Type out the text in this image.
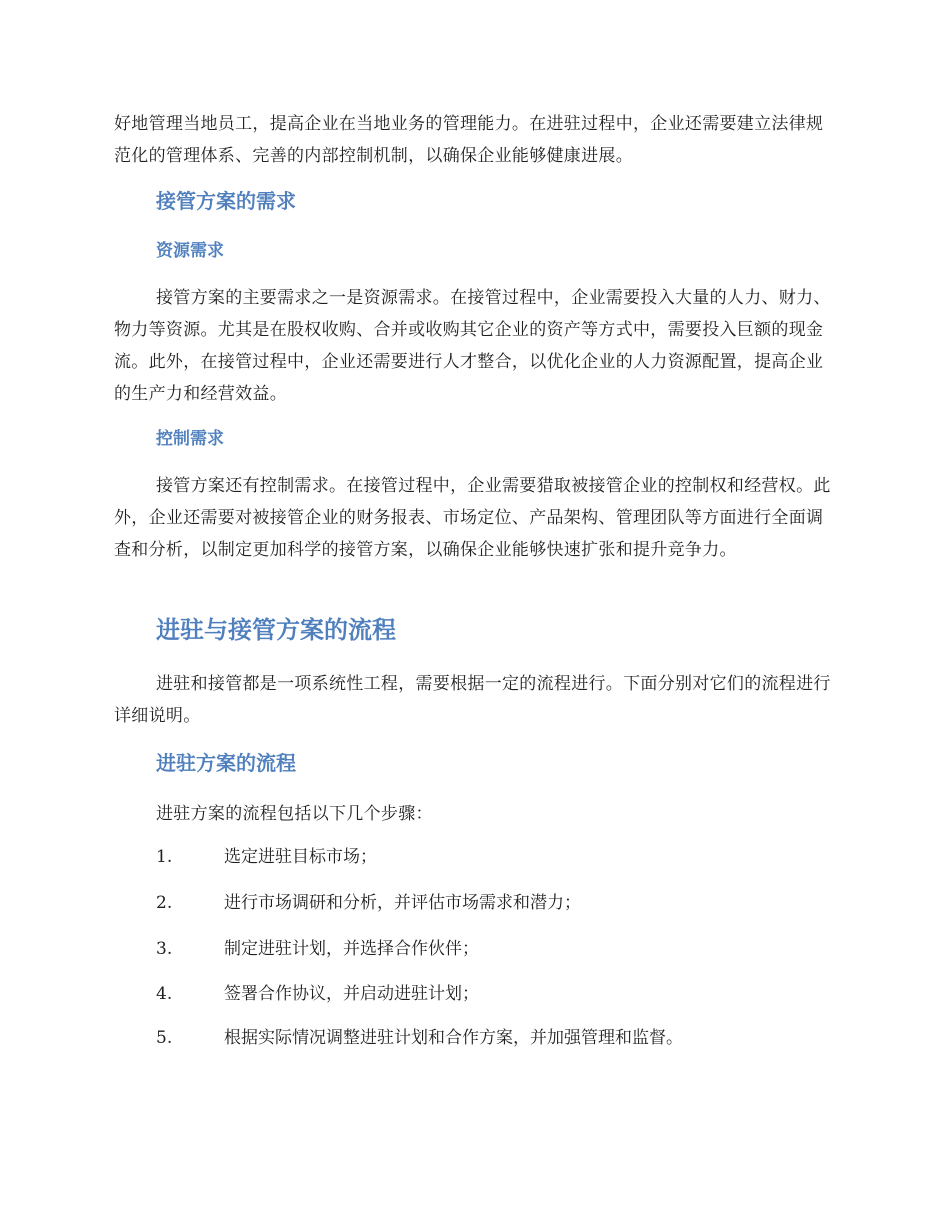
好地管理当地员工，提高企业在当地业务的管理能力。在进驻过程中，企业还需要建立法律规范化的管理体系、完善的内部控制机制，以确保企业能够健康进展。

接管方案的需求
资源需求

接管方案的主要需求之一是资源需求。在接管过程中，企业需要投入大量的人力、财力、物力等资源。尤其是在股权收购、合并或收购其它企业的资产等方式中，需要投入巨额的现金流。此外，在接管过程中，企业还需要进行人才整合，以优化企业的人力资源配置，提高企业的生产力和经营效益。

控制需求

接管方案还有控制需求。在接管过程中，企业需要猎取被接管企业的控制权和经营权。此外，企业还需要对被接管企业的财务报表、市场定位、产品架构、管理团队等方面进行全面调查和分析，以制定更加科学的接管方案，以确保企业能够快速扩张和提升竞争力。

进驻与接管方案的流程

进驻和接管都是一项系统性工程，需要根据一定的流程进行。下面分别对它们的流程进行详细说明。

进驻方案的流程

进驻方案的流程包括以下几个步骤：

1.	选定进驻目标市场；
2.	进行市场调研和分析，并评估市场需求和潜力；
3.	制定进驻计划，并选择合作伙伴；
4.	签署合作协议，并启动进驻计划；
5.	根据实际情况调整进驻计划和合作方案，并加强管理和监督。
